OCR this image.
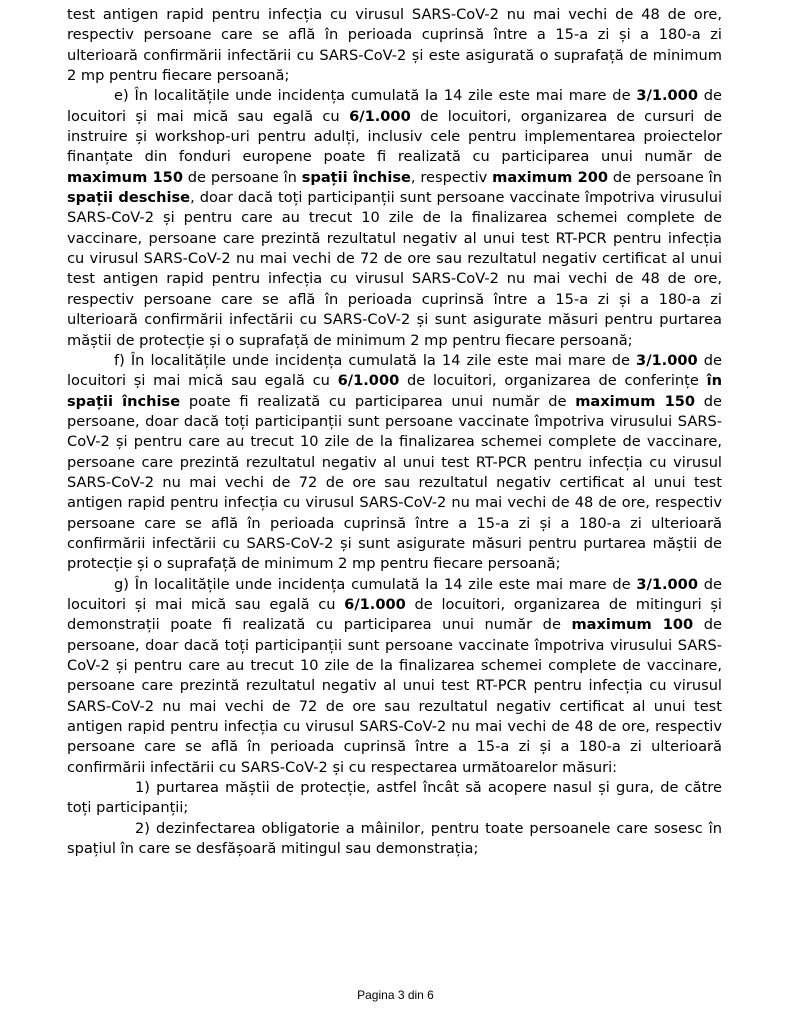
test antigen rapid pentru infecția cu virusul SARS-CoV-2 nu mai vechi de 48 de ore, respectiv persoane care se află în perioada cuprinsă între a 15-a zi și a 180-a zi ulterioară confirmării infectării cu SARS-CoV-2 și este asigurată o suprafață de minimum 2 mp pentru fiecare persoană;

e) În localitățile unde incidența cumulată la 14 zile este mai mare de 3/1.000 de locuitori și mai mică sau egală cu 6/1.000 de locuitori, organizarea de cursuri de instruire și workshop-uri pentru adulți, inclusiv cele pentru implementarea proiectelor finanțate din fonduri europene poate fi realizată cu participarea unui număr de maximum 150 de persoane în spații închise, respectiv maximum 200 de persoane în spații deschise, doar dacă toți participanții sunt persoane vaccinate împotriva virusului SARS-CoV-2 și pentru care au trecut 10 zile de la finalizarea schemei complete de vaccinare, persoane care prezintă rezultatul negativ al unui test RT-PCR pentru infecția cu virusul SARS-CoV-2 nu mai vechi de 72 de ore sau rezultatul negativ certificat al unui test antigen rapid pentru infecția cu virusul SARS-CoV-2 nu mai vechi de 48 de ore, respectiv persoane care se află în perioada cuprinsă între a 15-a zi și a 180-a zi ulterioară confirmării infectării cu SARS-CoV-2 și sunt asigurate măsuri pentru purtarea măștii de protecție și o suprafață de minimum 2 mp pentru fiecare persoană;

f) În localitățile unde incidența cumulată la 14 zile este mai mare de 3/1.000 de locuitori și mai mică sau egală cu 6/1.000 de locuitori, organizarea de conferințe în spații închise poate fi realizată cu participarea unui număr de maximum 150 de persoane, doar dacă toți participanții sunt persoane vaccinate împotriva virusului SARS-CoV-2 și pentru care au trecut 10 zile de la finalizarea schemei complete de vaccinare, persoane care prezintă rezultatul negativ al unui test RT-PCR pentru infecția cu virusul SARS-CoV-2 nu mai vechi de 72 de ore sau rezultatul negativ certificat al unui test antigen rapid pentru infecția cu virusul SARS-CoV-2 nu mai vechi de 48 de ore, respectiv persoane care se află în perioada cuprinsă între a 15-a zi și a 180-a zi ulterioară confirmării infectării cu SARS-CoV-2 și sunt asigurate măsuri pentru purtarea măștii de protecție și o suprafață de minimum 2 mp pentru fiecare persoană;

g) În localitățile unde incidența cumulată la 14 zile este mai mare de 3/1.000 de locuitori și mai mică sau egală cu 6/1.000 de locuitori, organizarea de mitinguri și demonstrații poate fi realizată cu participarea unui număr de maximum 100 de persoane, doar dacă toți participanții sunt persoane vaccinate împotriva virusului SARS-CoV-2 și pentru care au trecut 10 zile de la finalizarea schemei complete de vaccinare, persoane care prezintă rezultatul negativ al unui test RT-PCR pentru infecția cu virusul SARS-CoV-2 nu mai vechi de 72 de ore sau rezultatul negativ certificat al unui test antigen rapid pentru infecția cu virusul SARS-CoV-2 nu mai vechi de 48 de ore, respectiv persoane care se află în perioada cuprinsă între a 15-a zi și a 180-a zi ulterioară confirmării infectării cu SARS-CoV-2 și cu respectarea următoarelor măsuri:

1) purtarea măștii de protecție, astfel încât să acopere nasul și gura, de către toți participanții;

2) dezinfectarea obligatorie a mâinilor, pentru toate persoanele care sosesc în spațiul în care se desfășoară mitingul sau demonstrația;

Pagina 3 din 6
